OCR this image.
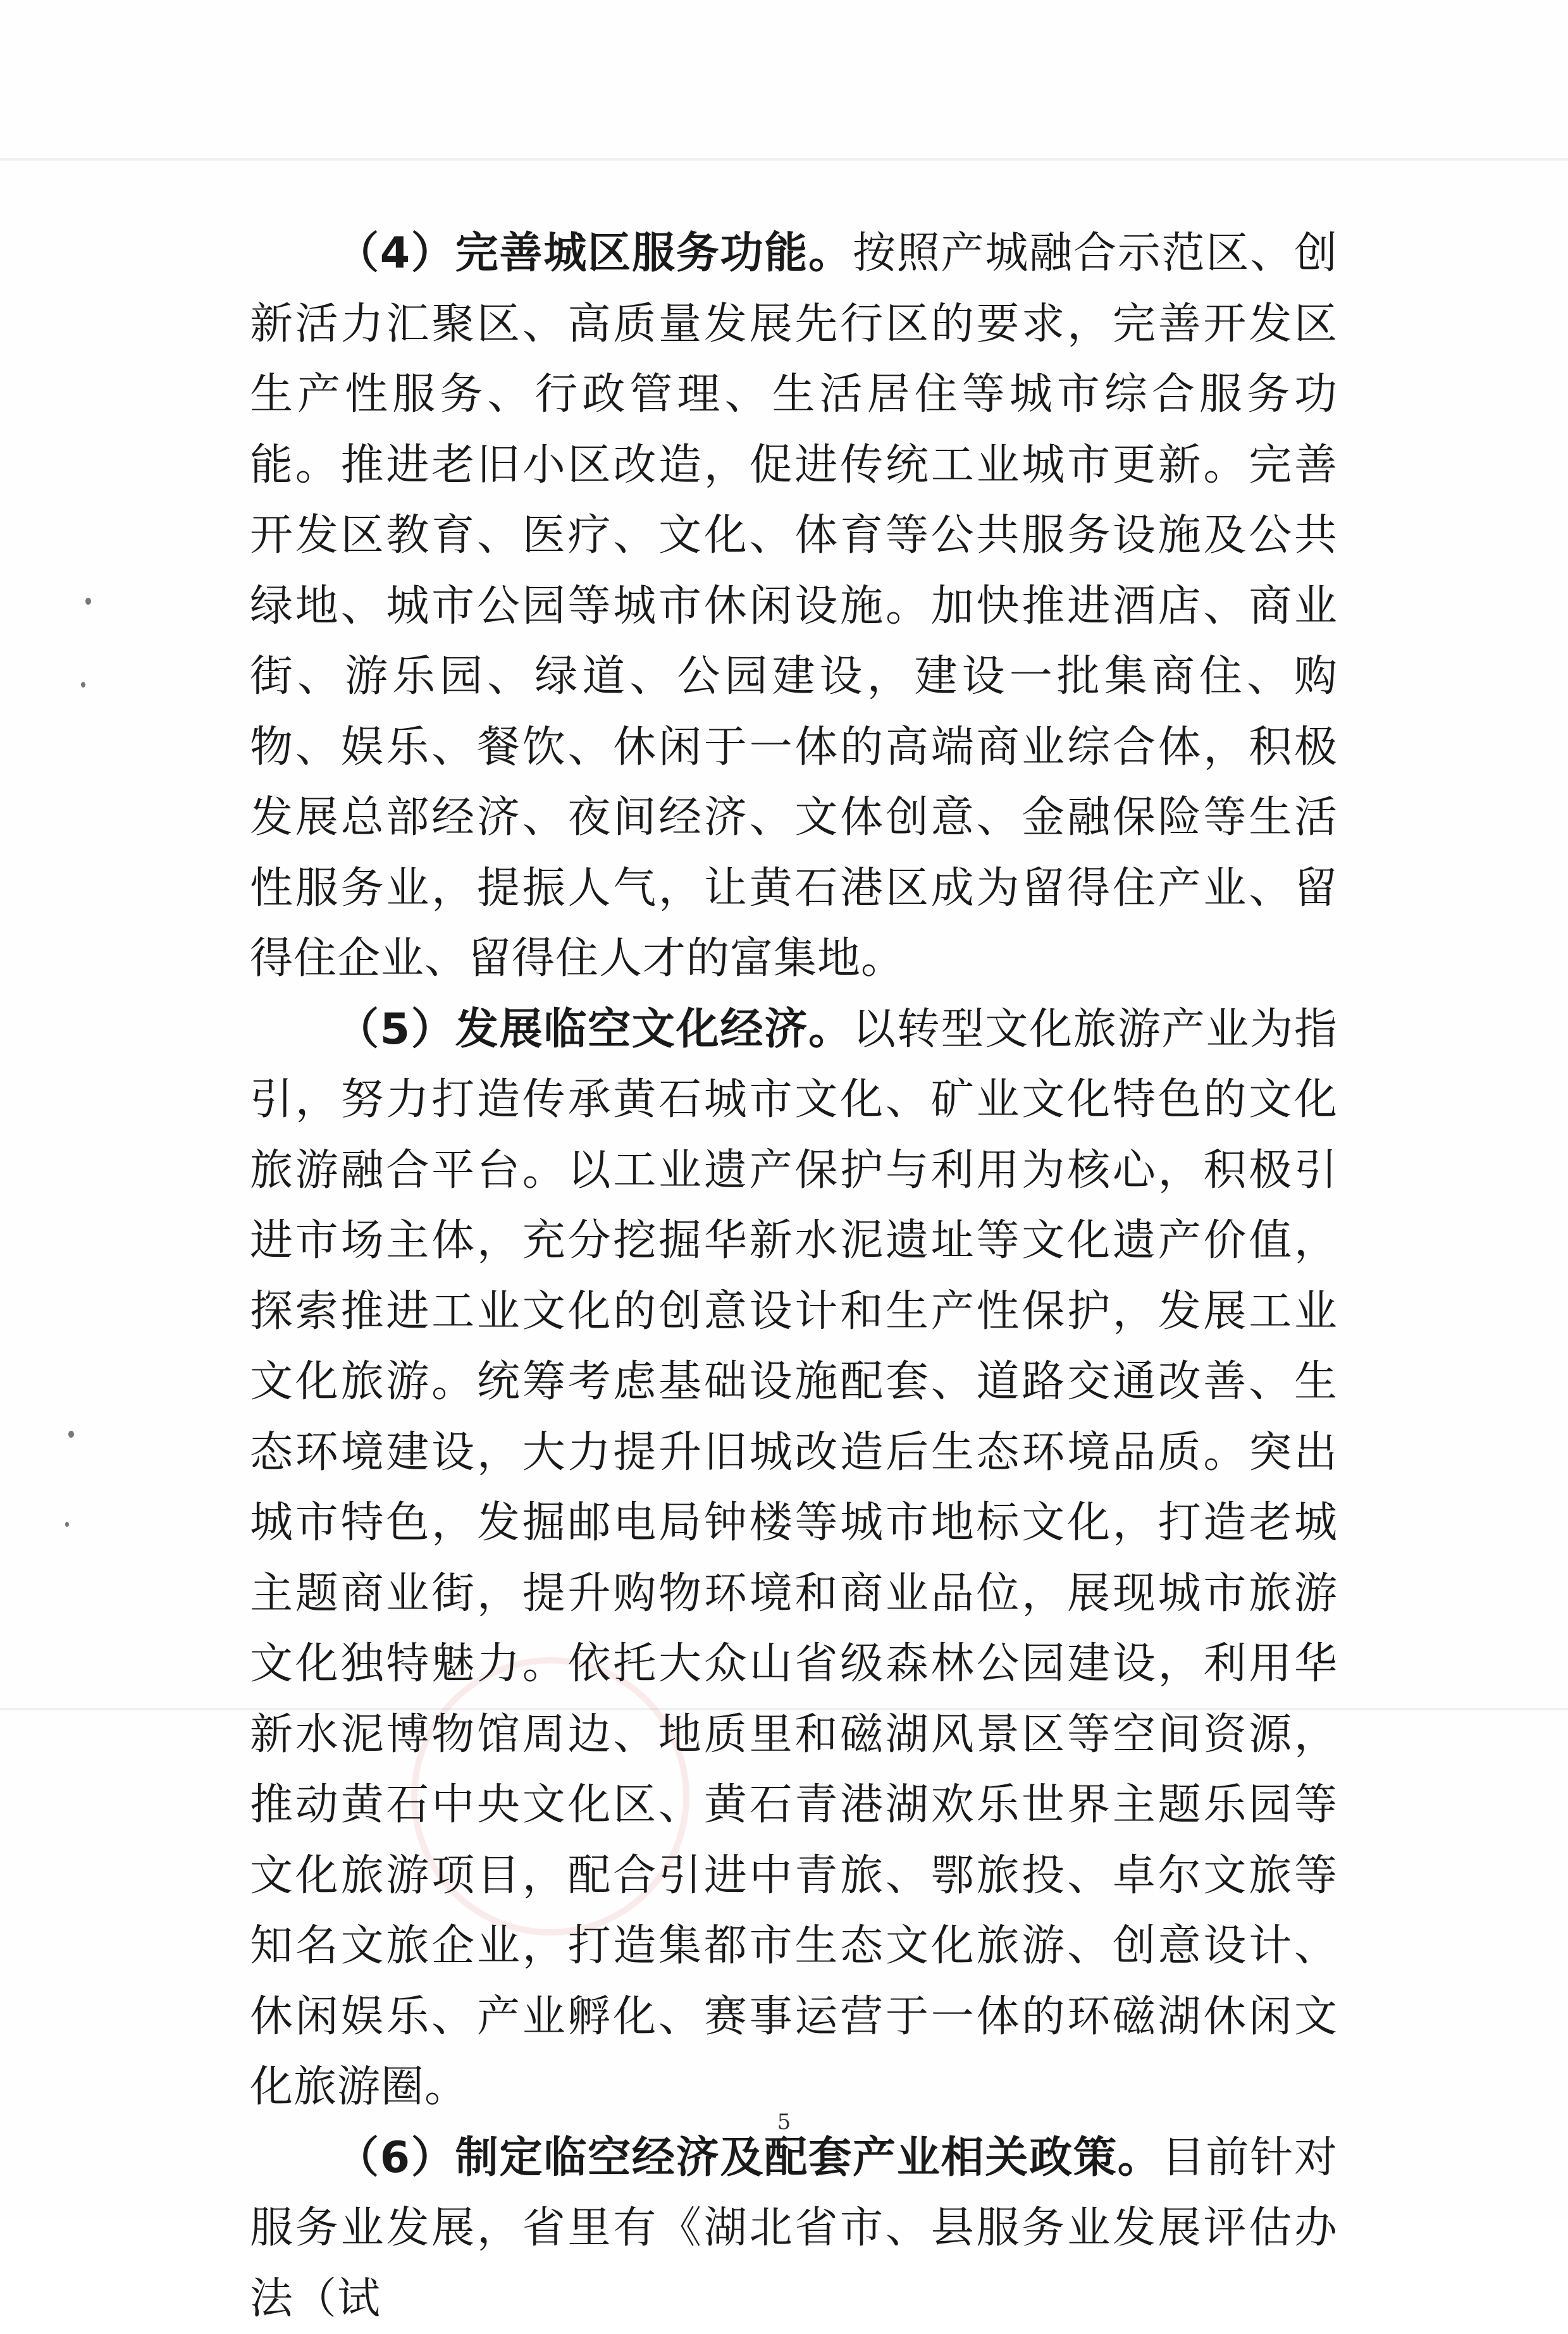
（4）完善城区服务功能。按照产城融合示范区、创新活力汇聚区、高质量发展先行区的要求，完善开发区生产性服务、行政管理、生活居住等城市综合服务功能。推进老旧小区改造，促进传统工业城市更新。完善开发区教育、医疗、文化、体育等公共服务设施及公共绿地、城市公园等城市休闲设施。加快推进酒店、商业街、游乐园、绿道、公园建设，建设一批集商住、购物、娱乐、餐饮、休闲于一体的高端商业综合体，积极发展总部经济、夜间经济、文体创意、金融保险等生活性服务业，提振人气，让黄石港区成为留得住产业、留得住企业、留得住人才的富集地。

（5）发展临空文化经济。以转型文化旅游产业为指引，努力打造传承黄石城市文化、矿业文化特色的文化旅游融合平台。以工业遗产保护与利用为核心，积极引进市场主体，充分挖掘华新水泥遗址等文化遗产价值，探索推进工业文化的创意设计和生产性保护，发展工业文化旅游。统筹考虑基础设施配套、道路交通改善、生态环境建设，大力提升旧城改造后生态环境品质。突出城市特色，发掘邮电局钟楼等城市地标文化，打造老城主题商业街，提升购物环境和商业品位，展现城市旅游文化独特魅力。依托大众山省级森林公园建设，利用华新水泥博物馆周边、地质里和磁湖风景区等空间资源，推动黄石中央文化区、黄石青港湖欢乐世界主题乐园等文化旅游项目，配合引进中青旅、鄂旅投、卓尔文旅等知名文旅企业，打造集都市生态文化旅游、创意设计、休闲娱乐、产业孵化、赛事运营于一体的环磁湖休闲文化旅游圈。

（6）制定临空经济及配套产业相关政策。目前针对服务业发展，省里有《湖北省市、县服务业发展评估办法（试

5
